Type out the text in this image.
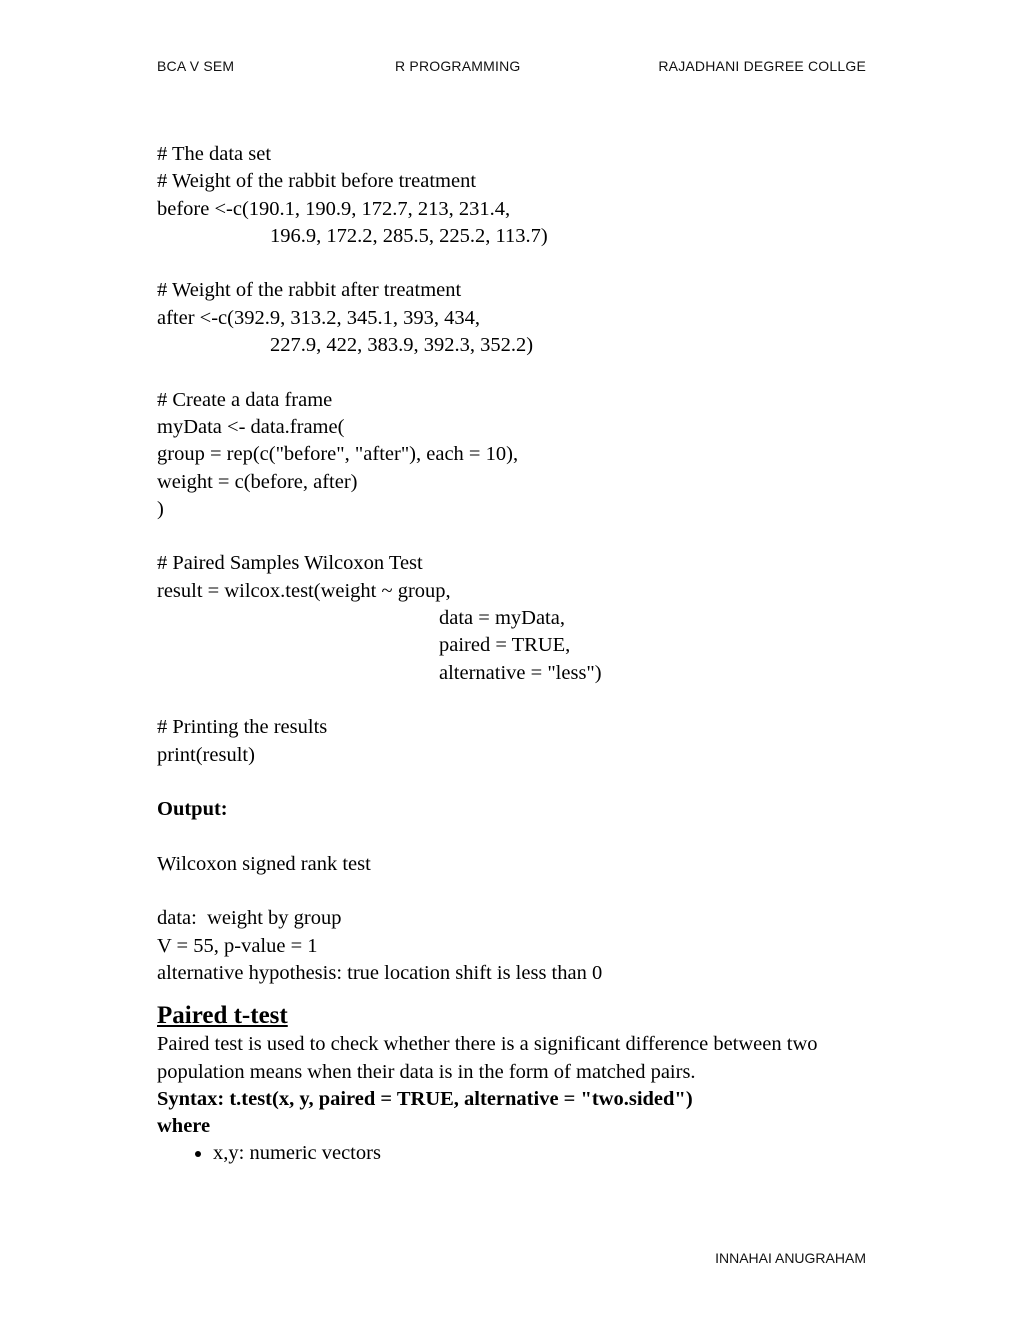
BCA V SEM	R PROGRAMMING	RAJADHANI DEGREE COLLGE
# The data set
# Weight of the rabbit before treatment
before <-c(190.1, 190.9, 172.7, 213, 231.4,
196.9, 172.2, 285.5, 225.2, 113.7)
# Weight of the rabbit after treatment
after <-c(392.9, 313.2, 345.1, 393, 434,
227.9, 422, 383.9, 392.3, 352.2)
# Create a data frame
myData <- data.frame(
group = rep(c("before", "after"), each = 10),
weight = c(before, after)
)
# Paired Samples Wilcoxon Test
result = wilcox.test(weight ~ group,
data = myData,
paired = TRUE,
alternative = "less")
# Printing the results
print(result)
Output:
Wilcoxon signed rank test
data:  weight by group
V = 55, p-value = 1
alternative hypothesis: true location shift is less than 0
Paired t-test
Paired test is used to check whether there is a significant difference between two population means when their data is in the form of matched pairs.
Syntax: t.test(x, y, paired = TRUE, alternative = "two.sided")
where
• x,y: numeric vectors
INNAHAI ANUGRAHAM
